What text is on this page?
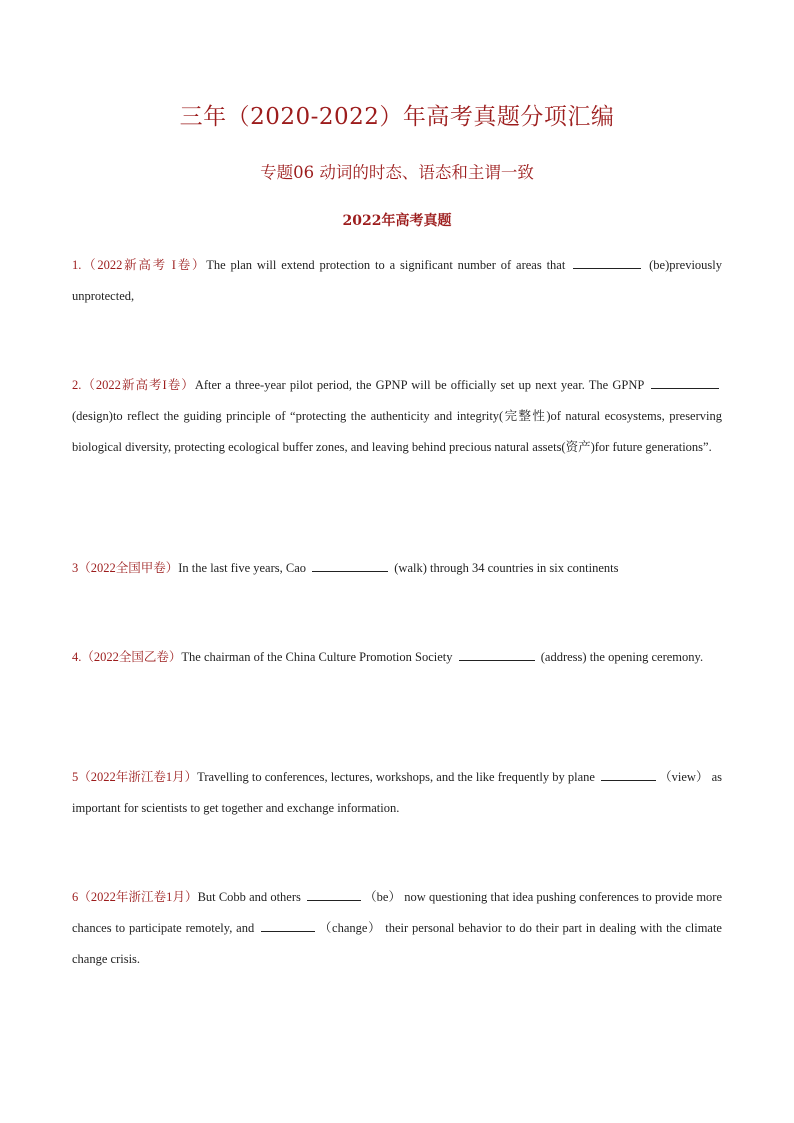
三年（2020-2022）年高考真题分项汇编
专题06 动词的时态、语态和主谓一致
2022年高考真题
1.（2022新高考 I卷）The plan will extend protection to a significant number of areas that	(be)previously unprotected,
2.（2022新高考I卷）After a three-year pilot period, the GPNP will be officially set up next year. The GPNP  (design)to reflect the guiding principle of “protecting the authenticity and integrity(完整性)of natural ecosystems, preserving biological diversity, protecting ecological buffer zones, and leaving behind precious natural assets(资产)for future generations”.
3（2022全国甲卷）In the last five years, Cao	(walk) through 34 countries in six continents
4.（2022全国乙卷）The chairman of the China Culture Promotion Society	(address) the opening ceremony.
5（2022年浙江卷1月）Travelling to conferences, lectures, workshops, and the like frequently by plane	（view） as important for scientists to get together and exchange information.
6（2022年浙江卷1月）But Cobb and others	（be） now questioning that idea pushing conferences to provide more chances to participate remotely, and	（change） their personal behavior to do their part in dealing with the climate change crisis.
